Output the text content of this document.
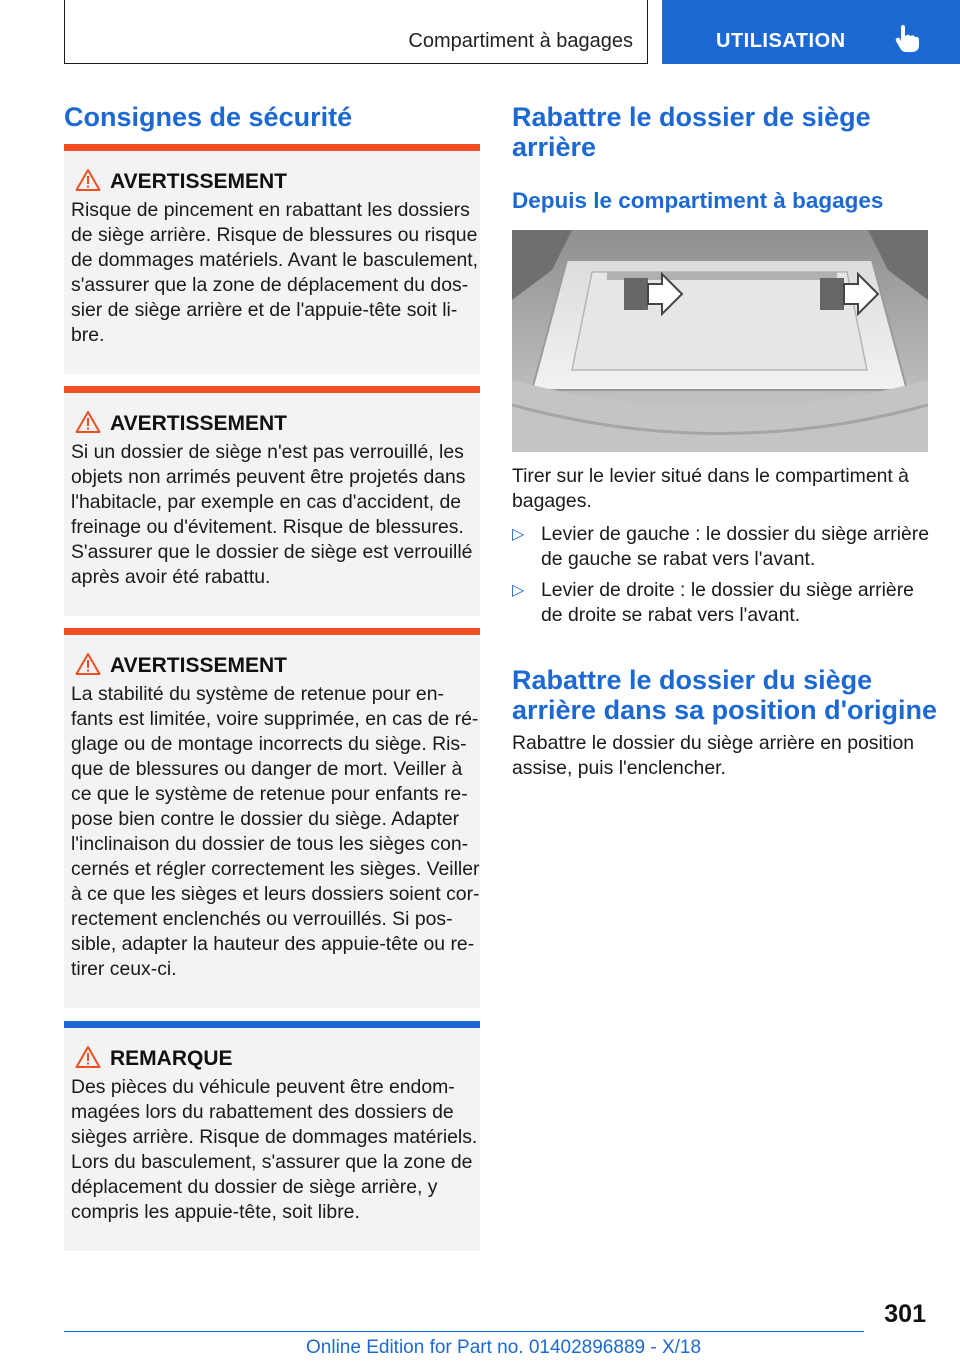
Compartiment à bagages	UTILISATION
Consignes de sécurité
AVERTISSEMENT
Risque de pincement en rabattant les dossiers
de siège arrière. Risque de blessures ou risque
de dommages matériels. Avant le basculement,
s'assurer que la zone de déplacement du dos‐
sier de siège arrière et de l'appuie-tête soit li‐
bre.
AVERTISSEMENT
Si un dossier de siège n'est pas verrouillé, les
objets non arrimés peuvent être projetés dans
l'habitacle, par exemple en cas d'accident, de
freinage ou d'évitement. Risque de blessures.
S'assurer que le dossier de siège est verrouillé
après avoir été rabattu.
AVERTISSEMENT
La stabilité du système de retenue pour en‐
fants est limitée, voire supprimée, en cas de ré‐
glage ou de montage incorrects du siège. Ris‐
que de blessures ou danger de mort. Veiller à
ce que le système de retenue pour enfants re‐
pose bien contre le dossier du siège. Adapter
l'inclinaison du dossier de tous les sièges con‐
cernés et régler correctement les sièges. Veiller
à ce que les sièges et leurs dossiers soient cor‐
rectement enclenchés ou verrouillés. Si pos‐
sible, adapter la hauteur des appuie-tête ou re‐
tirer ceux-ci.
REMARQUE
Des pièces du véhicule peuvent être endom‐
magées lors du rabattement des dossiers de
sièges arrière. Risque de dommages matériels.
Lors du basculement, s'assurer que la zone de
déplacement du dossier de siège arrière, y
compris les appuie-tête, soit libre.
Rabattre le dossier de siège
arrière
Depuis le compartiment à bagages
Tirer sur le levier situé dans le compartiment à
bagages.
▷ Levier de gauche : le dossier du siège arrière
de gauche se rabat vers l'avant.
▷ Levier de droite : le dossier du siège arrière
de droite se rabat vers l'avant.
Rabattre le dossier du siège
arrière dans sa position d'origine
Rabattre le dossier du siège arrière en position
assise, puis l'enclencher.
301
Online Edition for Part no. 01402896889 - X/18
